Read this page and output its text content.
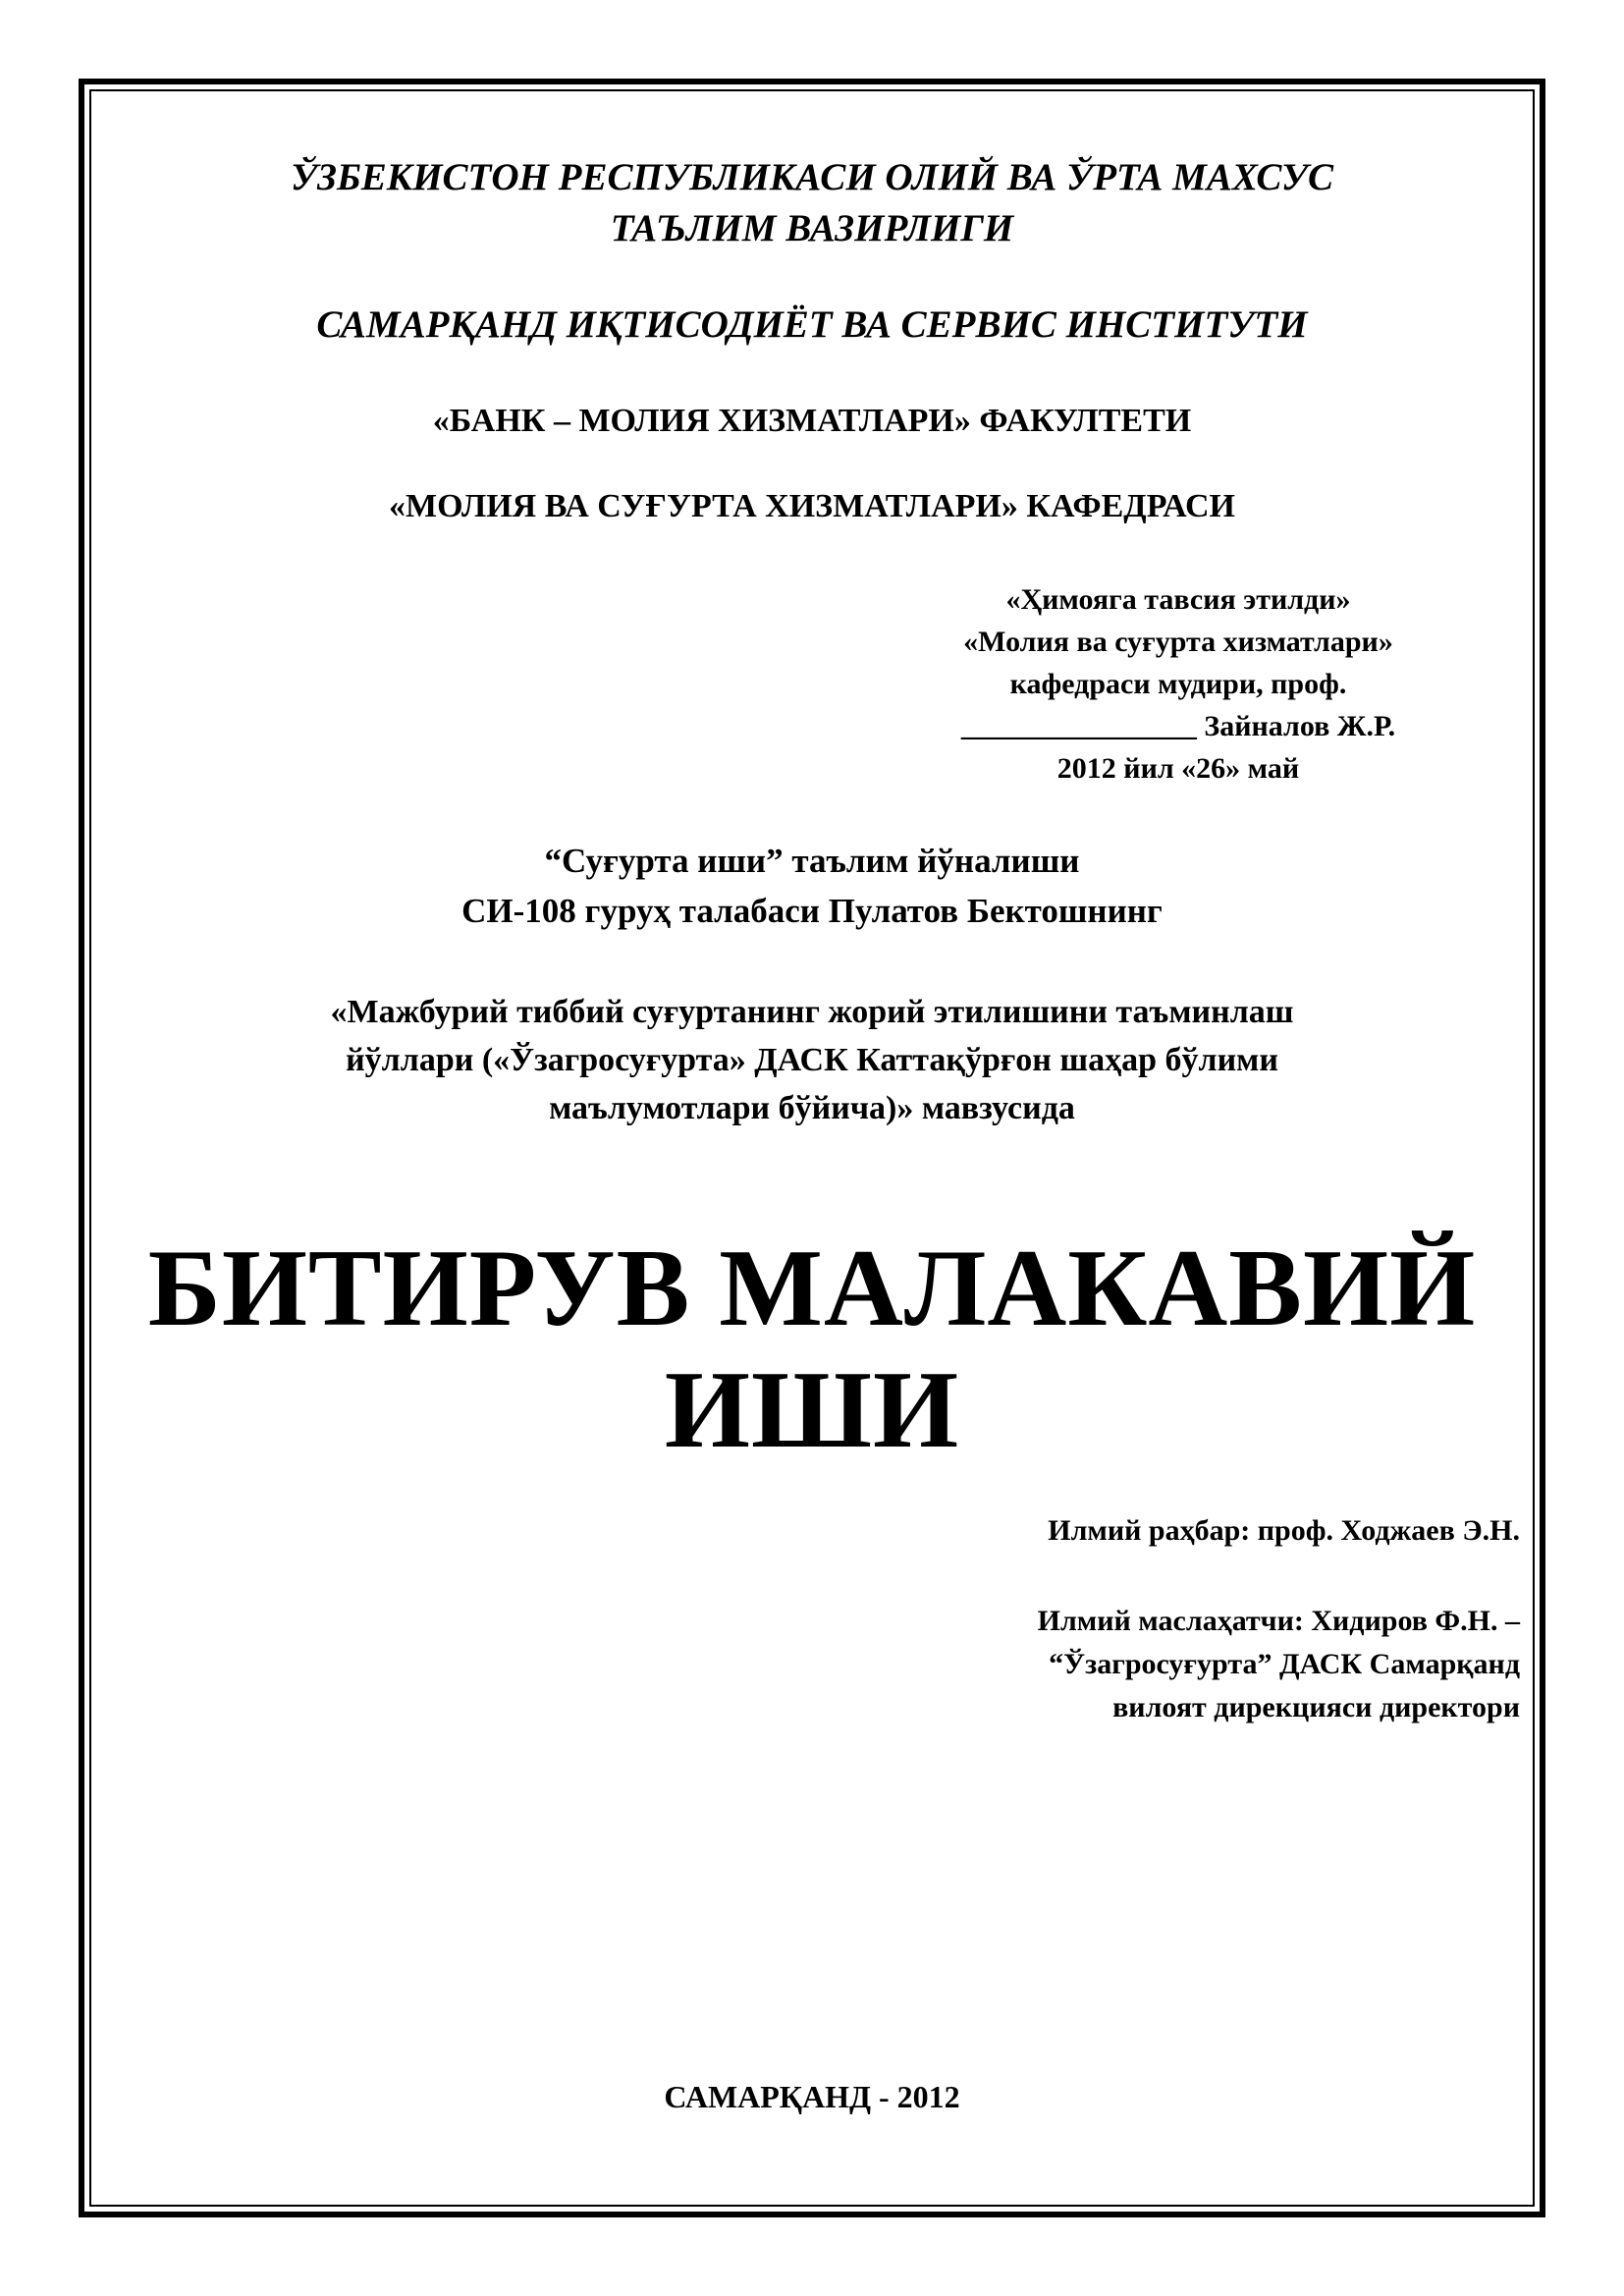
ЎЗБЕКИСТОН РЕСПУБЛИКАСИ ОЛИЙ ВА ЎРТА МАХСУС
ТАЪЛИМ ВАЗИРЛИГИ
САМАРҚАНД ИҚТИСОДИЁТ ВА СЕРВИС ИНСТИТУТИ
«БАНК – МОЛИЯ ХИЗМАТЛАРИ» ФАКУЛТЕТИ
«МОЛИЯ ВА СУҒУРТА ХИЗМАТЛАРИ» КАФЕДРАСИ
«Ҳимояга тавсия этилди»
«Молия ва суғурта хизматлари»
кафедраси мудири, проф.
________________ Зайналов Ж.Р.
2012 йил «26» май
“Суғурта иши” таълим йўналиши
СИ-108 гуруҳ талабаси Пулатов Бектошнинг
«Мажбурий тиббий суғуртанинг жорий этилишини таъминлаш
йўллари («Ўзагросуғурта» ДАСК Каттақўрғон шаҳар бўлими
маълумотлари бўйича)» мавзусида
БИТИРУВ МАЛАКАВИЙ
ИШИ
Илмий раҳбар: проф. Ходжаев Э.Н.
Илмий маслаҳатчи: Хидиров Ф.Н. –
“Ўзагросуғурта” ДАСК Самарқанд
вилоят дирекцияси директори
САМАРҚАНД - 2012
